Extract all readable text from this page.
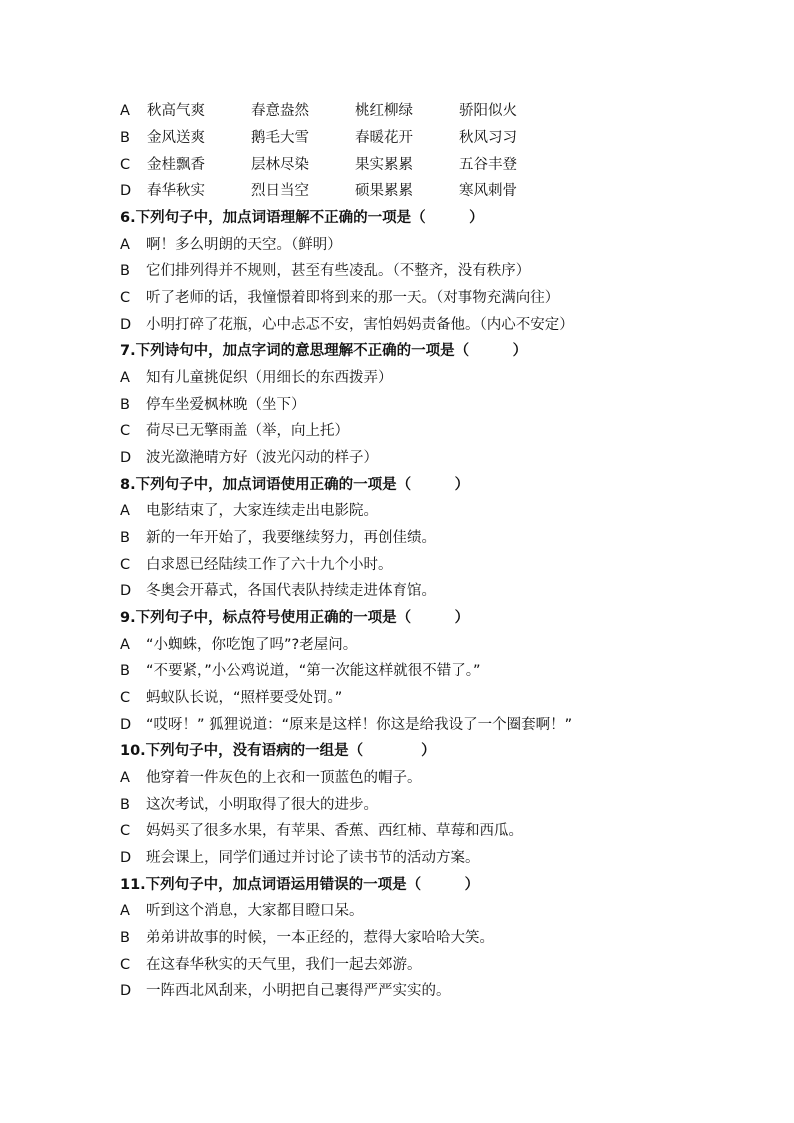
A 秋高气爽	春意盎然	桃红柳绿	骄阳似火
B 金风送爽	鹅毛大雪	春暖花开	秋风习习
C 金桂飘香	层林尽染	果实累累	五谷丰登
D 春华秋实	烈日当空	硕果累累	寒风刺骨
6.下列句子中，加点词语理解不正确的一项是（　　　）
A 啊！多么明朗的天空。（鲜明）
B 它们排列得并不规则，甚至有些凌乱。（不整齐，没有秩序）
C 听了老师的话，我憧憬着即将到来的那一天。（对事物充满向往）
D 小明打碎了花瓶，心中忐忑不安，害怕妈妈责备他。（内心不安定）
7.下列诗句中，加点字词的意思理解不正确的一项是（　　　）
A 知有儿童挑促织（用细长的东西拨弄）
B 停车坐爱枫林晚（坐下）
C 荷尽已无擎雨盖（举，向上托）
D 波光潋滟晴方好（波光闪动的样子）
8.下列句子中，加点词语使用正确的一项是（　　　）
A 电影结束了，大家连续走出电影院。
B 新的一年开始了，我要继续努力，再创佳绩。
C 白求恩已经陆续工作了六十九个小时。
D 冬奥会开幕式，各国代表队持续走进体育馆。
9.下列句子中，标点符号使用正确的一项是（　　　）
A “小蜘蛛，你吃饱了吗”?老屋问。
B “不要紧，”小公鸡说道，“第一次能这样就很不错了。”
C 蚂蚁队长说，“照样要受处罚。”
D “哎呀！” 狐狸说道：“原来是这样！你这是给我设了一个圈套啊！”
10.下列句子中，没有语病的一组是（　　　　）
A 他穿着一件灰色的上衣和一顶蓝色的帽子。
B 这次考试，小明取得了很大的进步。
C 妈妈买了很多水果，有苹果、香蕉、西红柿、草莓和西瓜。
D 班会课上，同学们通过并讨论了读书节的活动方案。
11.下列句子中，加点词语运用错误的一项是（　　　）
A 听到这个消息，大家都目瞪口呆。
B 弟弟讲故事的时候，一本正经的，惹得大家哈哈大笑。
C 在这春华秋实的天气里，我们一起去郊游。
D 一阵西北风刮来，小明把自己裹得严严实实的。
